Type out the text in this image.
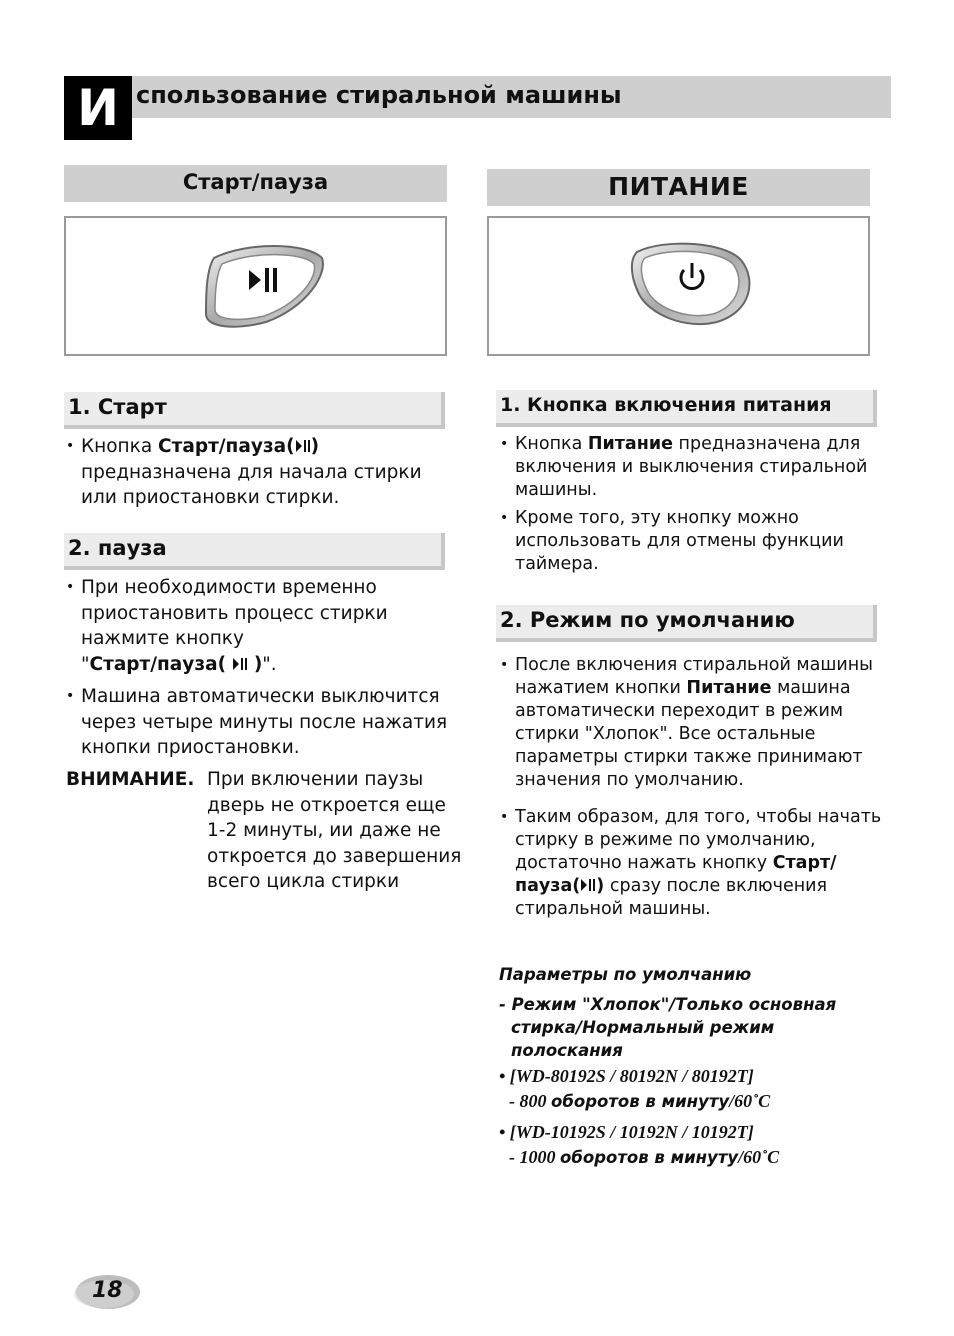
И спользование стиральной машины
Старт/пауза	ПИТАНИЕ
1. Старт
• Кнопка Старт/пауза( )
предназначена для начала стирки или приостановки стирки.
2. пауза
• При необходимости временно приостановить процесс стирки нажмите кнопку
"Старт/пауза( )".
• Машина автоматически выключится через четыре минуты после нажатия кнопки приостановки.
ВНИМАНИЕ. При включении паузы дверь не откроется еще 1-2 минуты, ии даже не откроется до завершения всего цикла стирки
1. Кнопка включения питания
• Кнопка Питание предназначена для включения и выключения стиральной машины.
• Кроме того, эту кнопку можно использовать для отмены функции таймера.
2. Режим по умолчанию
• После включения стиральной машины нажатием кнопки Питание машина автоматически переходит в режим стирки "Хлопок". Все остальные параметры стирки также принимают значения по умолчанию.
• Таким образом, для того, чтобы начать стирку в режиме по умолчанию, достаточно нажать кнопку Старт/пауза( ) сразу после включения стиральной машины.
Параметры по умолчанию
- Режим "Хлопок"/Только основная
стирка/Нормальный режим
полоскания
• [WD-80192S / 80192N / 80192T]
- 800 оборотов в минуту/60˚C
• [WD-10192S / 10192N / 10192T]
- 1000 оборотов в минуту/60˚C
18
